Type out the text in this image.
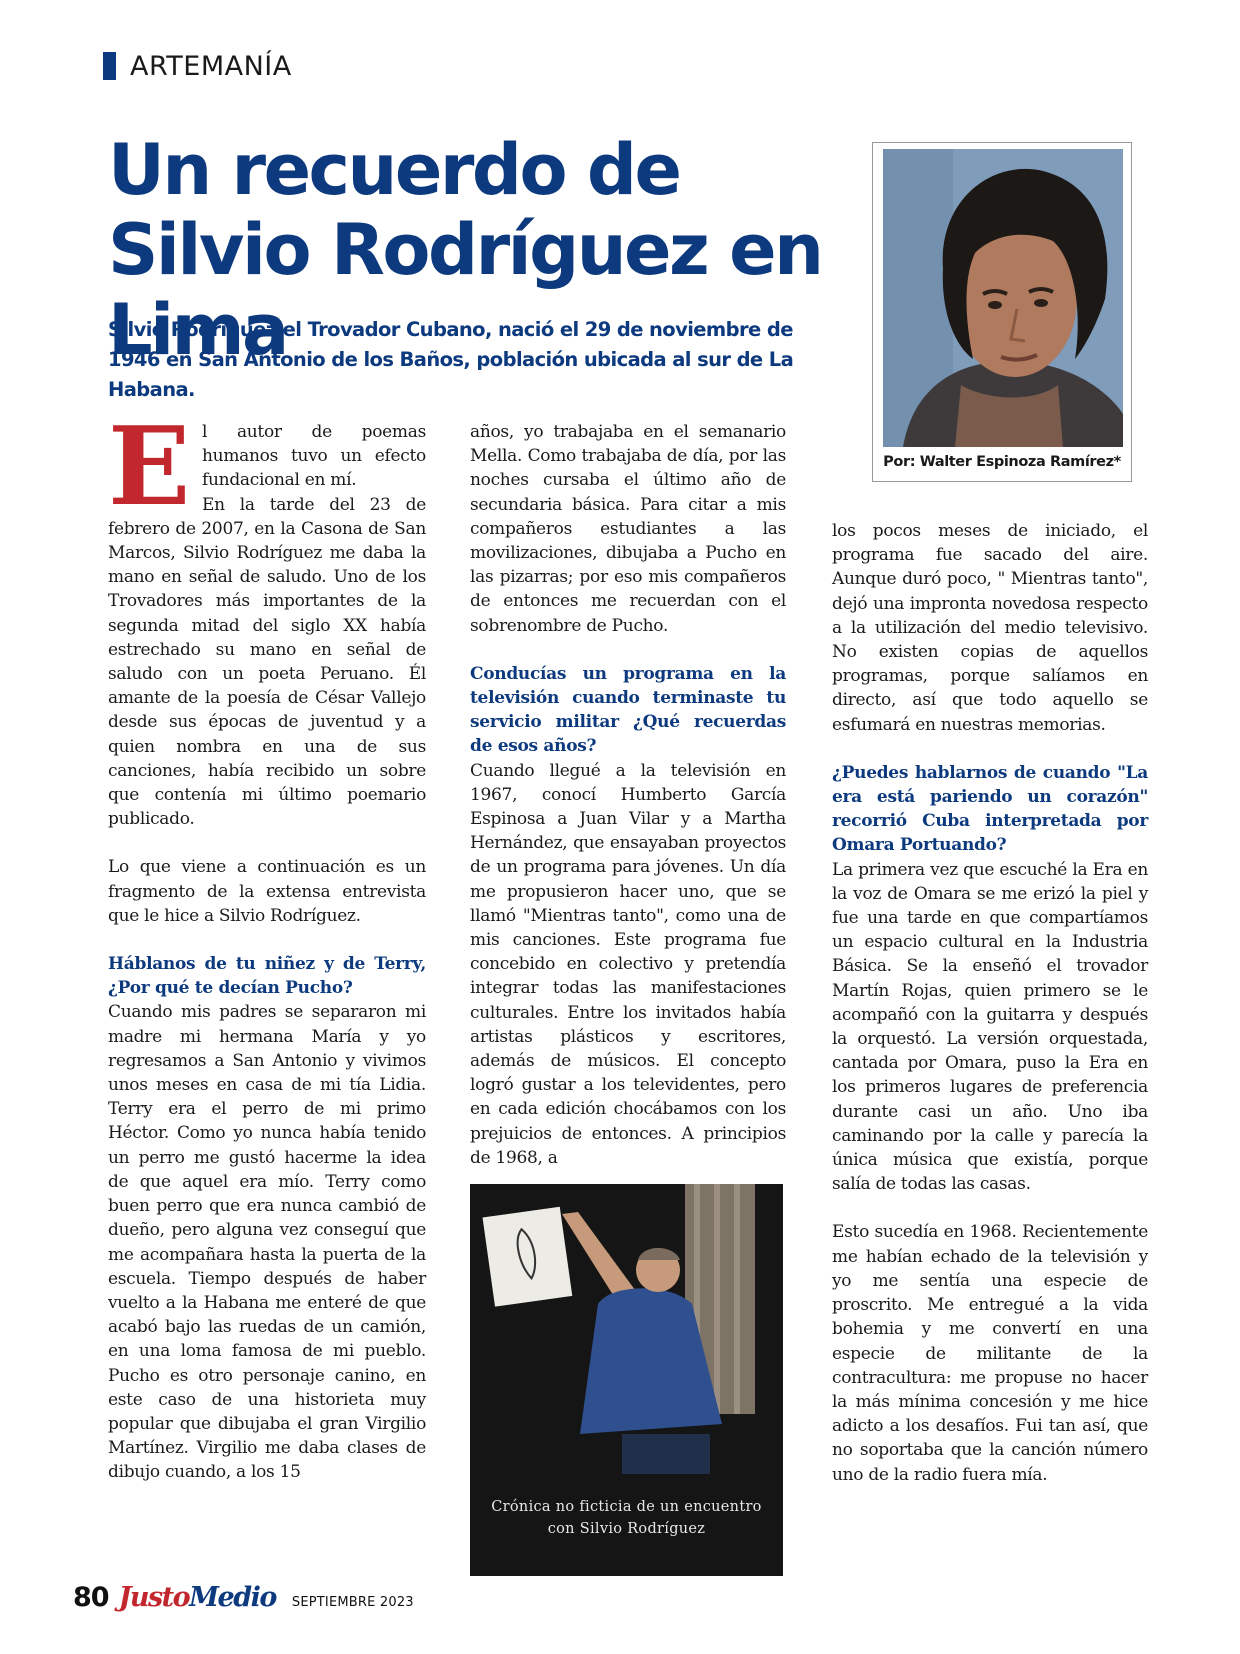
ARTEMANÍA
Un recuerdo de Silvio Rodríguez en Lima

Silvio Rodríguez el Trovador Cubano, nació el 29 de noviembre de 1946 en San Antonio de los Baños, población ubicada al sur de La Habana.

Por: Walter Espinoza Ramírez*

El autor de poemas humanos tuvo un efecto fundacional en mí.

En la tarde del 23 de febrero de 2007, en la Casona de San Marcos, Silvio Rodríguez me daba la mano en señal de saludo. Uno de los Trovadores más importantes de la segunda mitad del siglo XX había estrechado su mano en señal de saludo con un poeta Peruano. Él amante de la poesía de César Vallejo desde sus épocas de juventud y a quien nombra en una de sus canciones, había recibido un sobre que contenía mi último poemario publicado.

Lo que viene a continuación es un fragmento de la extensa entrevista que le hice a Silvio Rodríguez.

Háblanos de tu niñez y de Terry, ¿Por qué te decían Pucho?

Cuando mis padres se separaron mi madre mi hermana María y yo regresamos a San Antonio y vivimos unos meses en casa de mi tía Lidia. Terry era el perro de mi primo Héctor. Como yo nunca había tenido un perro me gustó hacerme la idea de que aquel era mío. Terry como buen perro que era nunca cambió de dueño, pero alguna vez conseguí que me acompañara hasta la puerta de la escuela. Tiempo después de haber vuelto a la Habana me enteré de que acabó bajo las ruedas de un camión, en una loma famosa de mi pueblo. Pucho es otro personaje canino, en este caso de una historieta muy popular que dibujaba el gran Virgilio Martínez. Virgilio me daba clases de dibujo cuando, a los 15

años, yo trabajaba en el semanario Mella. Como trabajaba de día, por las noches cursaba el último año de secundaria básica. Para citar a mis compañeros estudiantes a las movilizaciones, dibujaba a Pucho en las pizarras; por eso mis compañeros de entonces me recuerdan con el sobrenombre de Pucho.

Conducías un programa en la televisión cuando terminaste tu servicio militar ¿Qué recuerdas de esos años?

Cuando llegué a la televisión en 1967, conocí Humberto García Espinosa a Juan Vilar y a Martha Hernández, que ensayaban proyectos de un programa para jóvenes. Un día me propusieron hacer uno, que se llamó "Mientras tanto", como una de mis canciones. Este programa fue concebido en colectivo y pretendía integrar todas las manifestaciones culturales. Entre los invitados había artistas plásticos y escritores, además de músicos. El concepto logró gustar a los televidentes, pero en cada edición chocábamos con los prejuicios de entonces. A principios de 1968, a

Crónica no ficticia de un encuentro
con Silvio Rodríguez

los pocos meses de iniciado, el programa fue sacado del aire. Aunque duró poco, " Mientras tanto", dejó una impronta novedosa respecto a la utilización del medio televisivo. No existen copias de aquellos programas, porque salíamos en directo, así que todo aquello se esfumará en nuestras memorias.

¿Puedes hablarnos de cuando "La era está pariendo un corazón" recorrió Cuba interpretada por Omara Portuando?

La primera vez que escuché la Era en la voz de Omara se me erizó la piel y fue una tarde en que compartíamos un espacio cultural en la Industria Básica. Se la enseñó el trovador Martín Rojas, quien primero se le acompañó con la guitarra y después la orquestó. La versión orquestada, cantada por Omara, puso la Era en los primeros lugares de preferencia durante casi un año. Uno iba caminando por la calle y parecía la única música que existía, porque salía de todas las casas.

Esto sucedía en 1968. Recientemente me habían echado de la televisión y yo me sentía una especie de proscrito. Me entregué a la vida bohemia y me convertí en una especie de militante de la contracultura: me propuse no hacer la más mínima concesión y me hice adicto a los desafíos. Fui tan así, que no soportaba que la canción número uno de la radio fuera mía.

80 Justo Medio SEPTIEMBRE 2023
